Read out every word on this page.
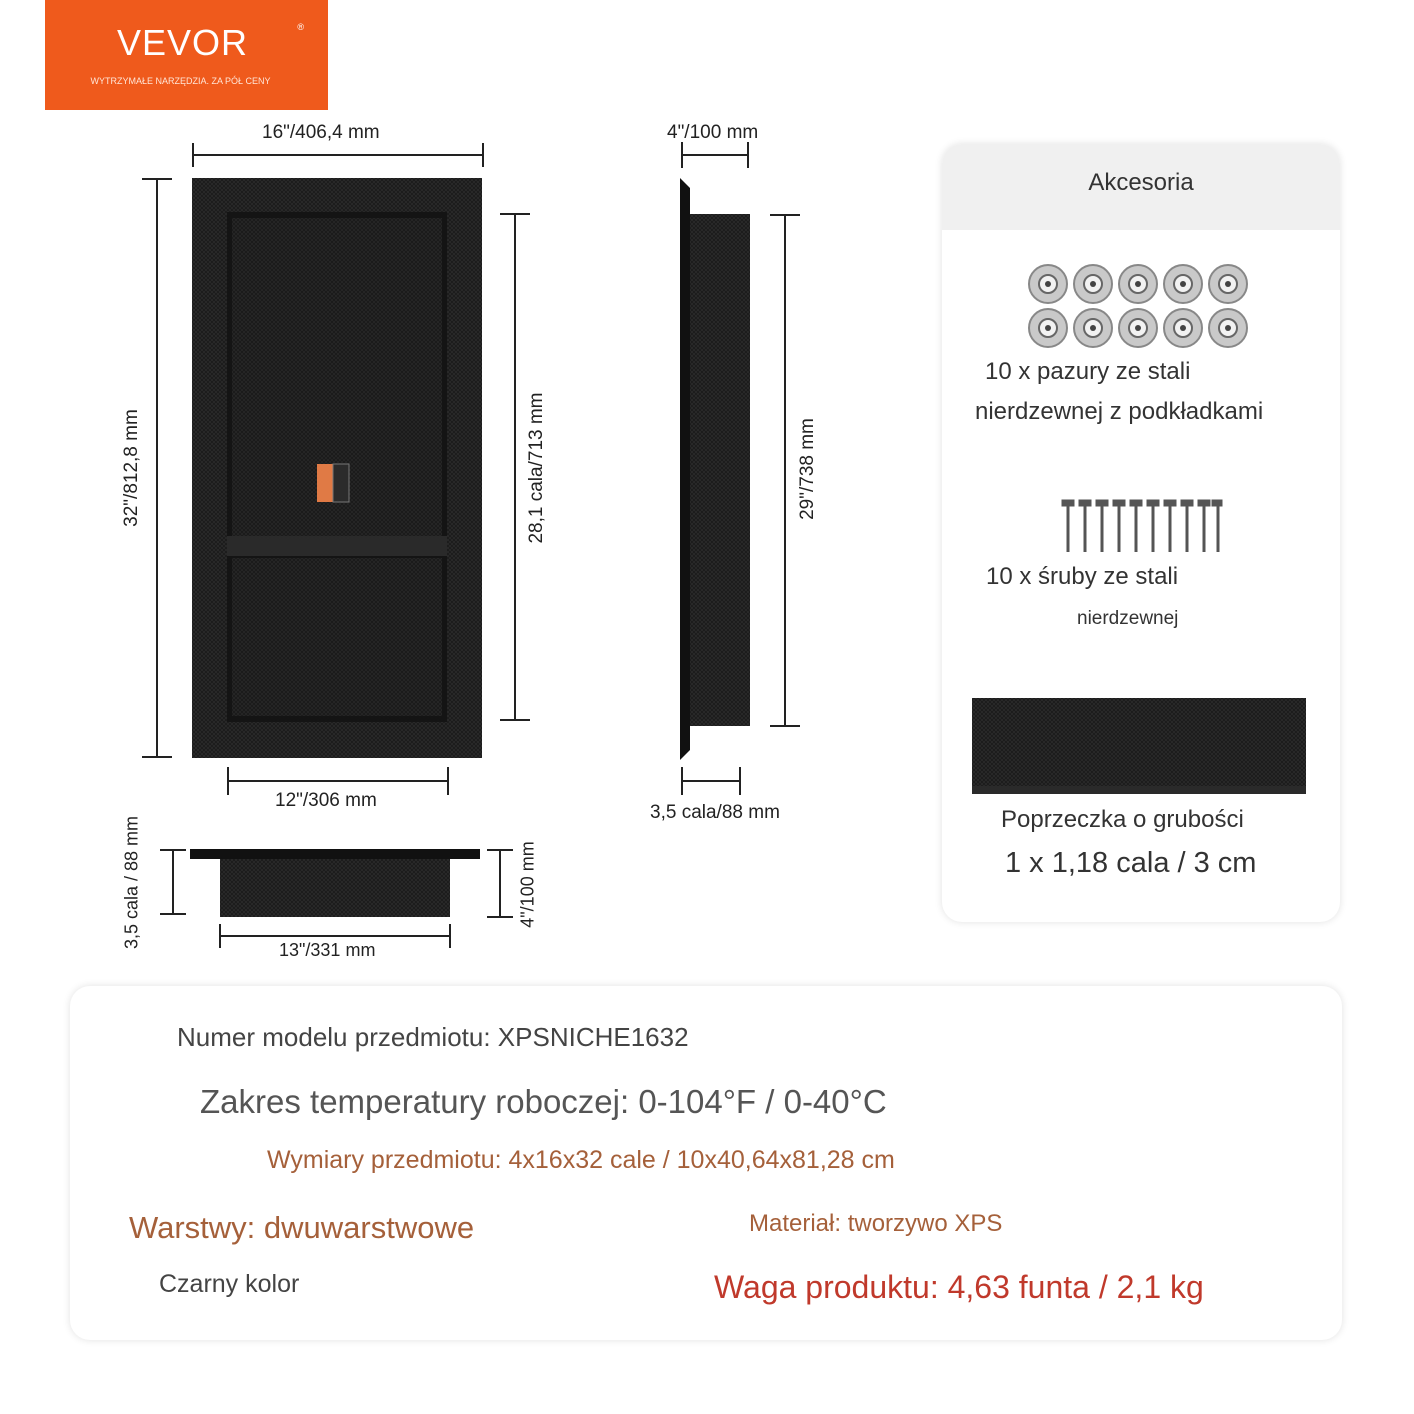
VEVOR	®
WYTRZYMAŁE NARZĘDZIA. ZA PÓŁ CENY
16"/406,4 mm
32"/812,8 mm	28,1 cala/713 mm
12"/306 mm
4"/100 mm
29"/738 mm
3,5 cala/88 mm
3,5 cala / 88 mm	4"/100 mm
13"/331 mm
Akcesoria
10 x pazury ze stali
nierdzewnej z podkładkami
10 x śruby ze stali
nierdzewnej
Poprzeczka o grubości
1 x 1,18 cala / 3 cm
Numer modelu przedmiotu: XPSNICHE1632
Zakres temperatury roboczej: 0-104°F / 0-40°C
Wymiary przedmiotu: 4x16x32 cale / 10x40,64x81,28 cm
Warstwy: dwuwarstwowe	Materiał: tworzywo XPS
Czarny kolor	Waga produktu: 4,63 funta / 2,1 kg
